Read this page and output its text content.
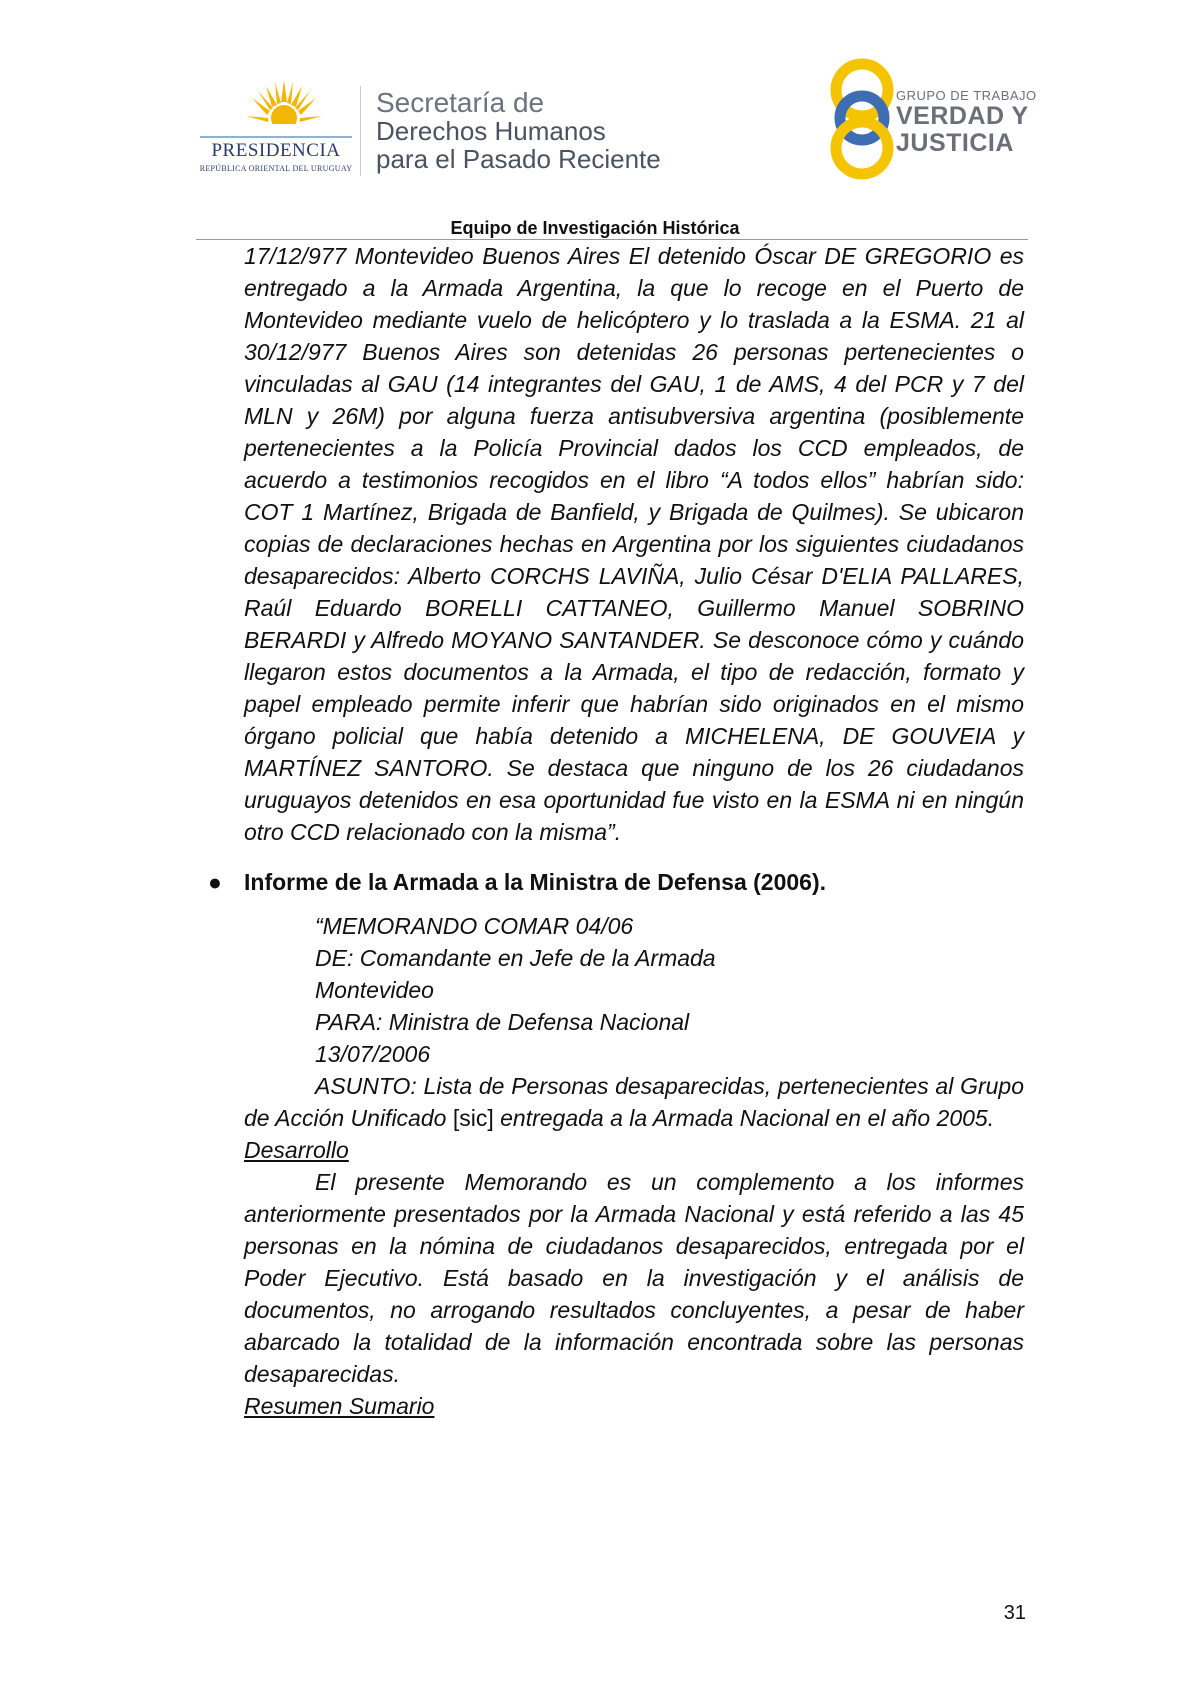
PRESIDENCIA
REPÚBLICA ORIENTAL DEL URUGUAY
Secretaría de
Derechos Humanos
para el Pasado Reciente
GRUPO DE TRABAJO
VERDAD Y
JUSTICIA
Equipo de Investigación Histórica

17/12/977 Montevideo Buenos Aires El detenido Óscar DE GREGORIO es entregado a la Armada Argentina, la que lo recoge en el Puerto de Montevideo mediante vuelo de helicóptero y lo traslada a la ESMA. 21 al 30/12/977 Buenos Aires son detenidas 26 personas pertenecientes o vinculadas al GAU (14 integrantes del GAU, 1 de AMS, 4 del PCR y 7 del MLN y 26M) por alguna fuerza antisubversiva argentina (posiblemente pertenecientes a la Policía Provincial dados los CCD empleados, de acuerdo a testimonios recogidos en el libro “A todos ellos” habrían sido: COT 1 Martínez, Brigada de Banfield, y Brigada de Quilmes). Se ubicaron copias de declaraciones hechas en Argentina por los siguientes ciudadanos desaparecidos: Alberto CORCHS LAVIÑA, Julio César D'ELIA PALLARES, Raúl Eduardo BORELLI CATTANEO, Guillermo Manuel SOBRINO BERARDI y Alfredo MOYANO SANTANDER. Se desconoce cómo y cuándo llegaron estos documentos a la Armada, el tipo de redacción, formato y papel empleado permite inferir que habrían sido originados en el mismo órgano policial que había detenido a MICHELENA, DE GOUVEIA y MARTÍNEZ SANTORO. Se destaca que ninguno de los 26 ciudadanos uruguayos detenidos en esa oportunidad fue visto en la ESMA ni en ningún otro CCD relacionado con la misma”.

● Informe de la Armada a la Ministra de Defensa (2006).

“MEMORANDO COMAR 04/06

DE: Comandante en Jefe de la Armada

Montevideo

PARA: Ministra de Defensa Nacional

13/07/2006

ASUNTO: Lista de Personas desaparecidas, pertenecientes al Grupo de Acción Unificado [sic] entregada a la Armada Nacional en el año 2005.

Desarrollo

El presente Memorando es un complemento a los informes anteriormente presentados por la Armada Nacional y está referido a las 45 personas en la nómina de ciudadanos desaparecidos, entregada por el Poder Ejecutivo. Está basado en la investigación y el análisis de documentos, no arrogando resultados concluyentes, a pesar de haber abarcado la totalidad de la información encontrada sobre las personas desaparecidas.

Resumen Sumario

31
